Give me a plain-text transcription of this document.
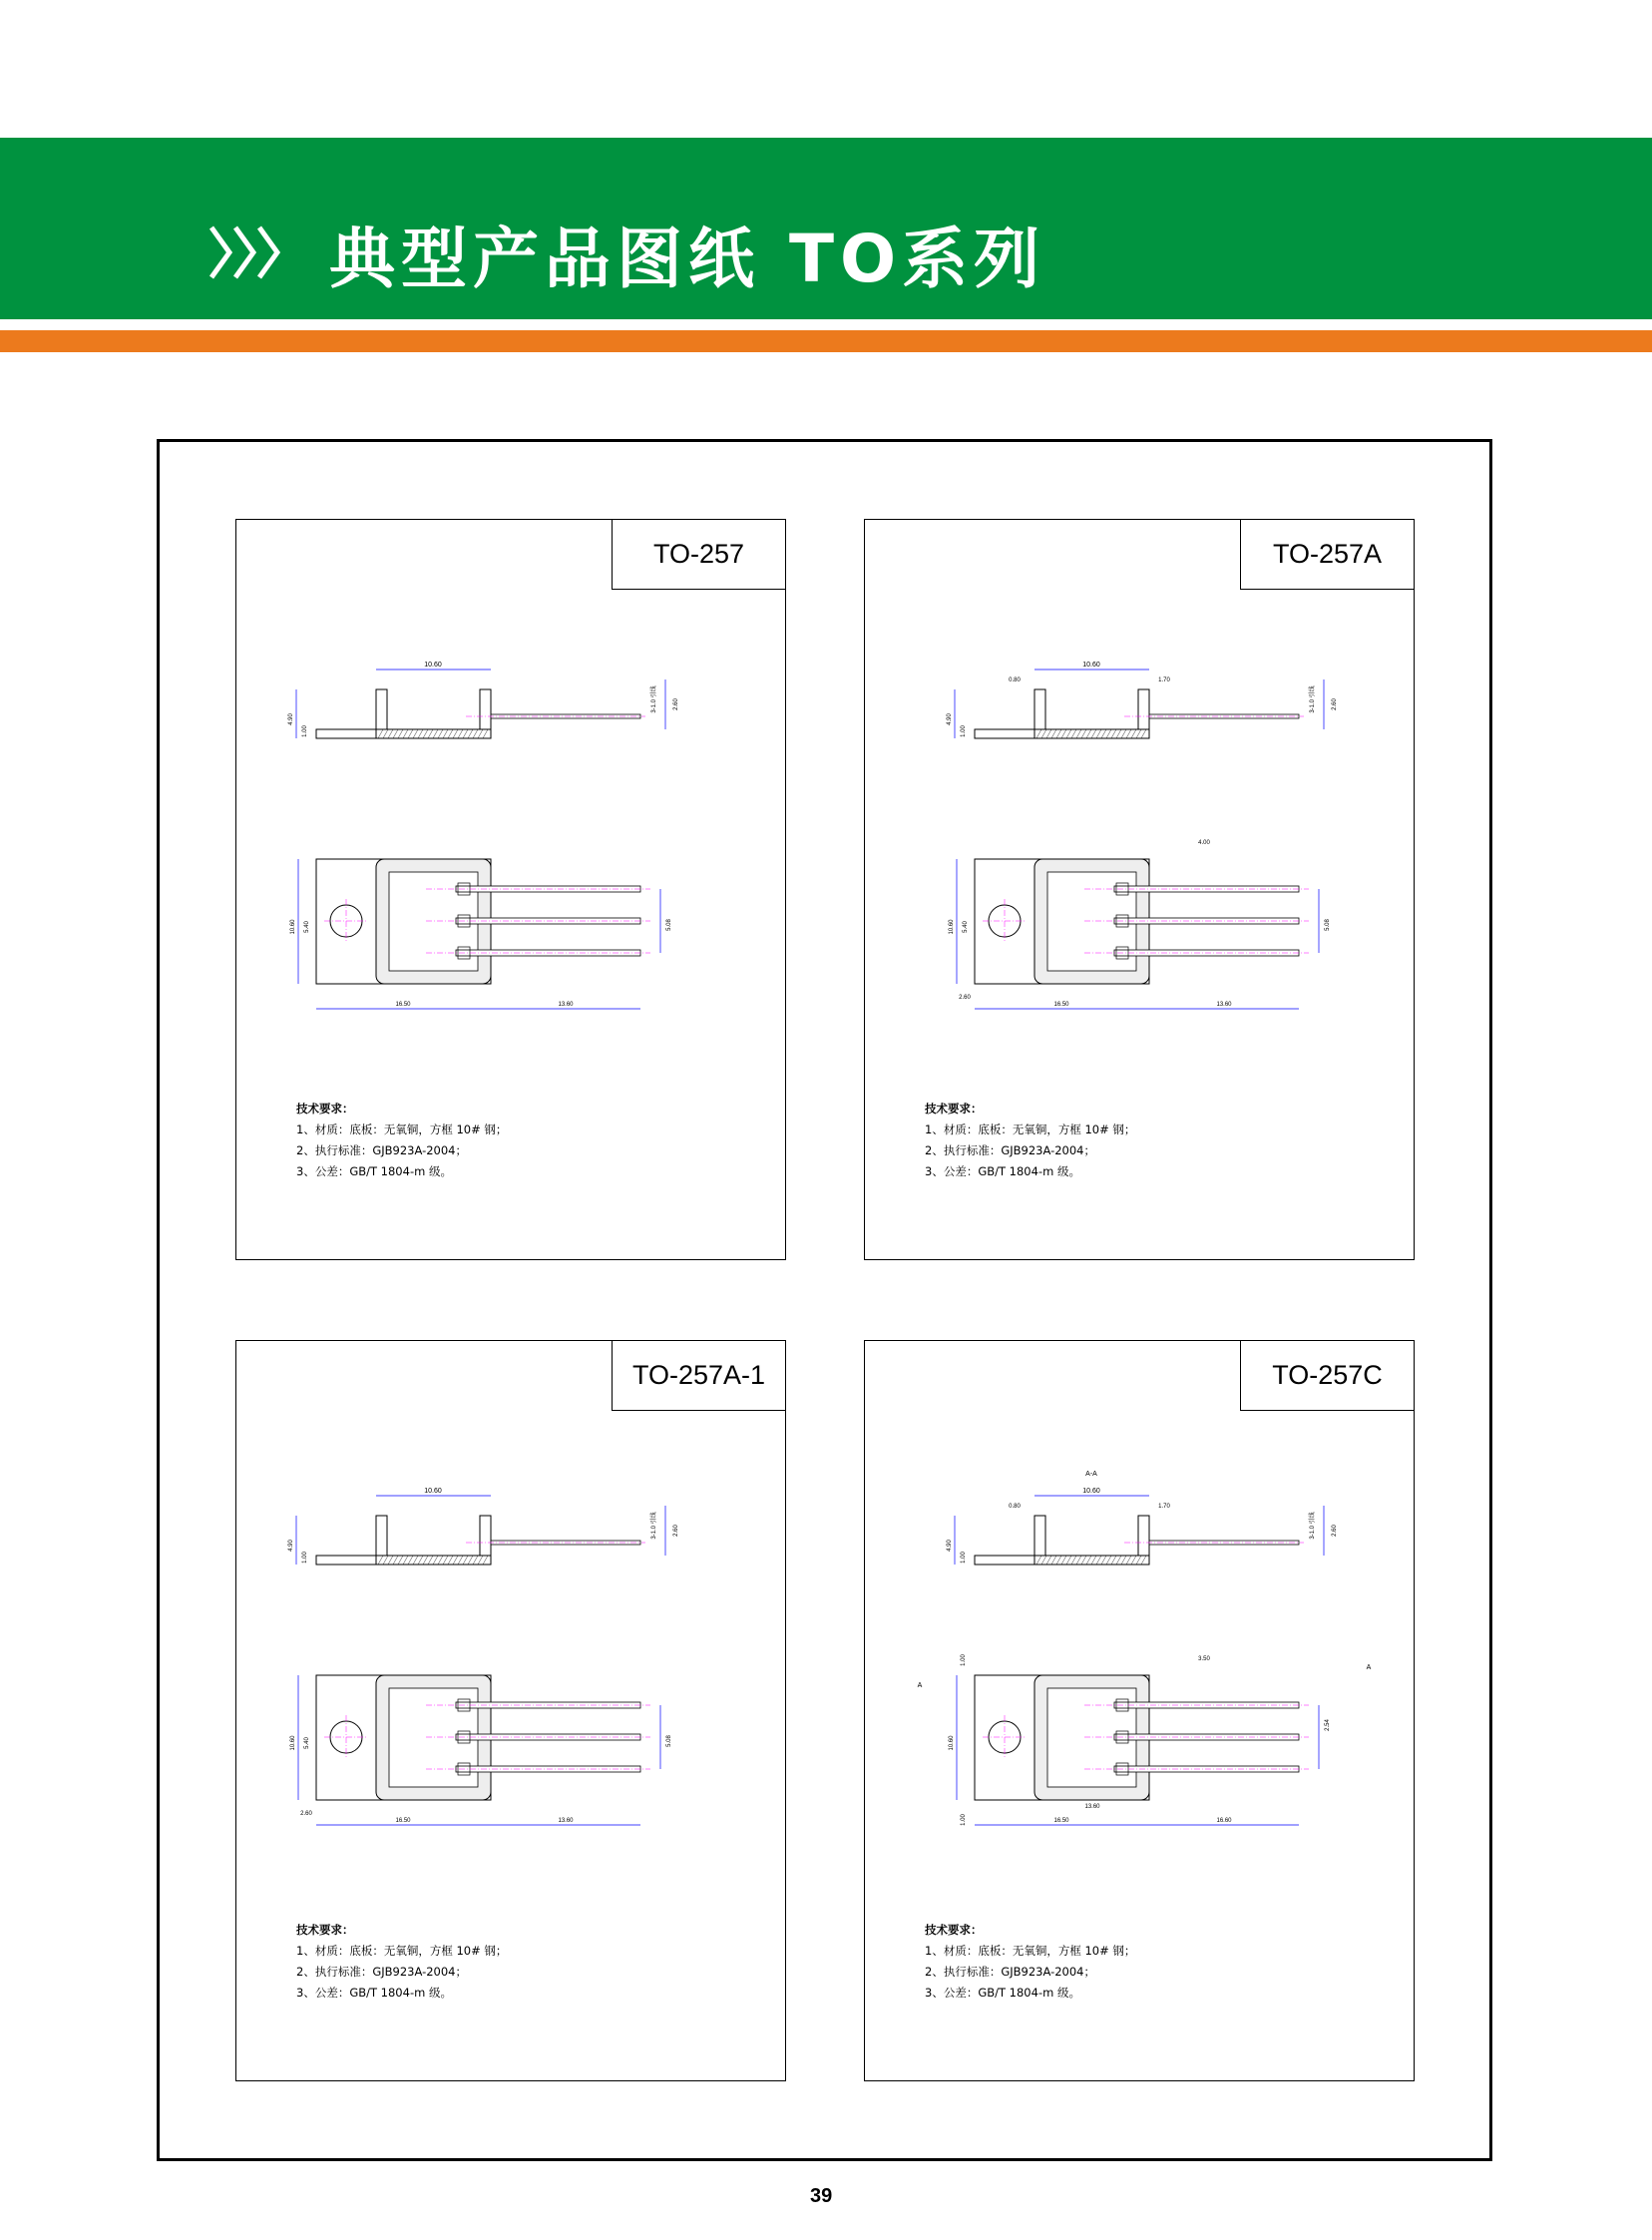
典型产品图纸 TO系列
TO-257
10.60
3-1.0 引线	2.60
4.90
1.00
10.60 5.40	5.08
16.50	13.60
技术要求：
1、材质：底板：无氧铜，方框 10# 钢；
2、执行标准：GJB923A-2004；
3、公差：GB/T 1804-m 级。
TO-257A
10.60
3-1.0 引线	2.60
4.90
1.00
0.80	1.70
10.60 5.40	5.08
16.50	13.60
4.00
2.60
技术要求：
1、材质：底板：无氧铜，方框 10# 钢；
2、执行标准：GJB923A-2004；
3、公差：GB/T 1804-m 级。
TO-257A-1
10.60
3-1.0 引线	2.60
4.90
1.00
10.60 5.40	5.08
16.50	13.60
2.60
技术要求：
1、材质：底板：无氧铜，方框 10# 钢；
2、执行标准：GJB923A-2004；
3、公差：GB/T 1804-m 级。
TO-257C
10.60
3-1.0 引线	2.60
4.90
1.00
0.80	1.70
A-A
10.60
2.54
16.50	16.60
3.50
1.00
1.00
13.60
A
A
技术要求：
1、材质：底板：无氧铜，方框 10# 钢；
2、执行标准：GJB923A-2004；
3、公差：GB/T 1804-m 级。
39
